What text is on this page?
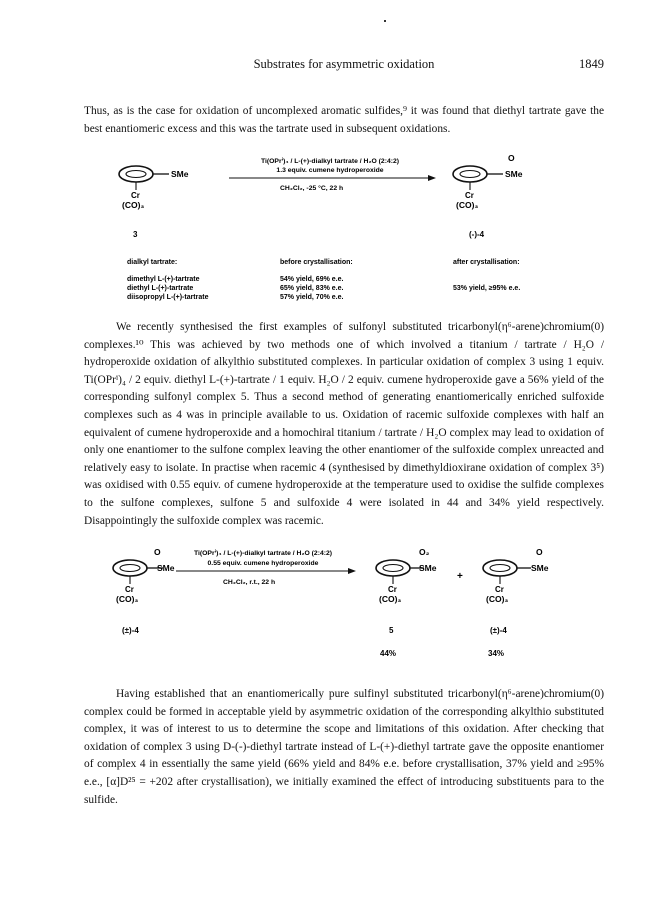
Substrates for asymmetric oxidation	1849

Thus, as is the case for oxidation of uncomplexed aromatic sulfides,⁹ it was found that diethyl tartrate gave the best enantiomeric excess and this was the tartrate used in subsequent oxidations.

SMe
Cr
(CO)₃
3
Ti(OPrⁱ)₄ / L-(+)-dialkyl tartrate / H₂O (2:4:2)
1.3 equiv. cumene hydroperoxide
CH₂Cl₂, -25 °C, 22 h
O
SMe
Cr
(CO)₃
(-)-4
dialkyl tartrate:	before crystallisation:	after crystallisation:
dimethyl L-(+)-tartrate	54% yield, 69% e.e.
diethyl L-(+)-tartrate	65% yield, 83% e.e.	53% yield, ≥95% e.e.
diisopropyl L-(+)-tartrate	57% yield, 70% e.e.

We recently synthesised the first examples of sulfonyl substituted tricarbonyl(η⁶-arene)chromium(0) complexes.¹⁰ This was achieved by two methods one of which involved a titanium / tartrate / H₂O / hydroperoxide oxidation of alkylthio substituted complexes. In particular oxidation of complex 3 using 1 equiv. Ti(OPrⁱ)₄ / 2 equiv. diethyl L-(+)-tartrate / 1 equiv. H₂O / 2 equiv. cumene hydroperoxide gave a 56% yield of the corresponding sulfonyl complex 5. Thus a second method of generating enantiomerically enriched sulfoxide complexes such as 4 was in principle available to us. Oxidation of racemic sulfoxide complexes with half an equivalent of cumene hydroperoxide and a homochiral titanium / tartrate / H₂O complex may lead to oxidation of only one enantiomer to the sulfone complex leaving the other enantiomer of the sulfoxide complex unreacted and relatively easy to isolate. In practise when racemic 4 (synthesised by dimethyldioxirane oxidation of complex 3⁵) was oxidised with 0.55 equiv. of cumene hydroperoxide at the temperature used to oxidise the sulfide complexes to the sulfone complexes, sulfone 5 and sulfoxide 4 were isolated in 44 and 34% yield respectively. Disappointingly the sulfoxide complex was racemic.

O
SMe
Cr
(CO)₃
(±)-4
Ti(OPrⁱ)₄ / L-(+)-dialkyl tartrate / H₂O (2:4:2)
0.55 equiv. cumene hydroperoxide
CH₂Cl₂, r.t., 22 h
O₂
SMe
Cr
(CO)₃
5
44%
+
O
SMe
Cr
(CO)₃
(±)-4
34%

Having established that an enantiomerically pure sulfinyl substituted tricarbonyl(η⁶-arene)chromium(0) complex could be formed in acceptable yield by asymmetric oxidation of the corresponding alkylthio substituted complex, it was of interest to us to determine the scope and limitations of this oxidation. After checking that oxidation of complex 3 using D-(-)-diethyl tartrate instead of L-(+)-diethyl tartrate gave the opposite enantiomer of complex 4 in essentially the same yield (66% yield and 84% e.e. before crystallisation, 37% yield and ≥95% e.e., [α]D²⁵ = +202 after crystallisation), we initially examined the effect of introducing substituents para to the sulfide.
